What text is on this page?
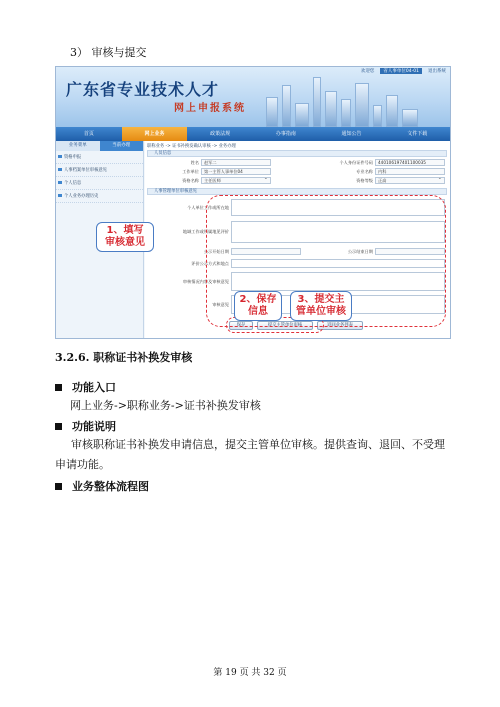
3） 审核与提交
广东省专业技术人才
网上申报系统
欢迎您	省人事单位04-01	退出系统
首页	网上业务	政策法规	办事指南	通知公告	文件下载
业务菜单	当前办理
资格申报
人事档案单位审核意见
个人信息
个人业务办理历史
职称业务 -> 证书补换发确认审核 -> 业务办理
人员信息
姓名	赵军二	个人身份证件号码	440106197401100035
工作单位	第一主管人事单位04	专业名称	内科
资格名称	主任医师 ⌄	资格等级	正高 ⌄
人事管理单位审核意见
个人单位工作或所在地
地域工作或所属地见评价
公示开始日期	公示结束日期
评价公示方式和地点
审核情况内容及审核意见
审核意见
保存	提交主管单位审核	返回业务列表
1、填写
审核意见
2、保存
信息
3、提交主
管单位审核
3.2.6. 职称证书补换发审核
功能入口
网上业务->职称业务->证书补换发审核
功能说明
审核职称证书补换发申请信息，提交主管单位审核。提供查询、退回、不受理申请功能。
业务整体流程图
第 19 页 共 32 页
